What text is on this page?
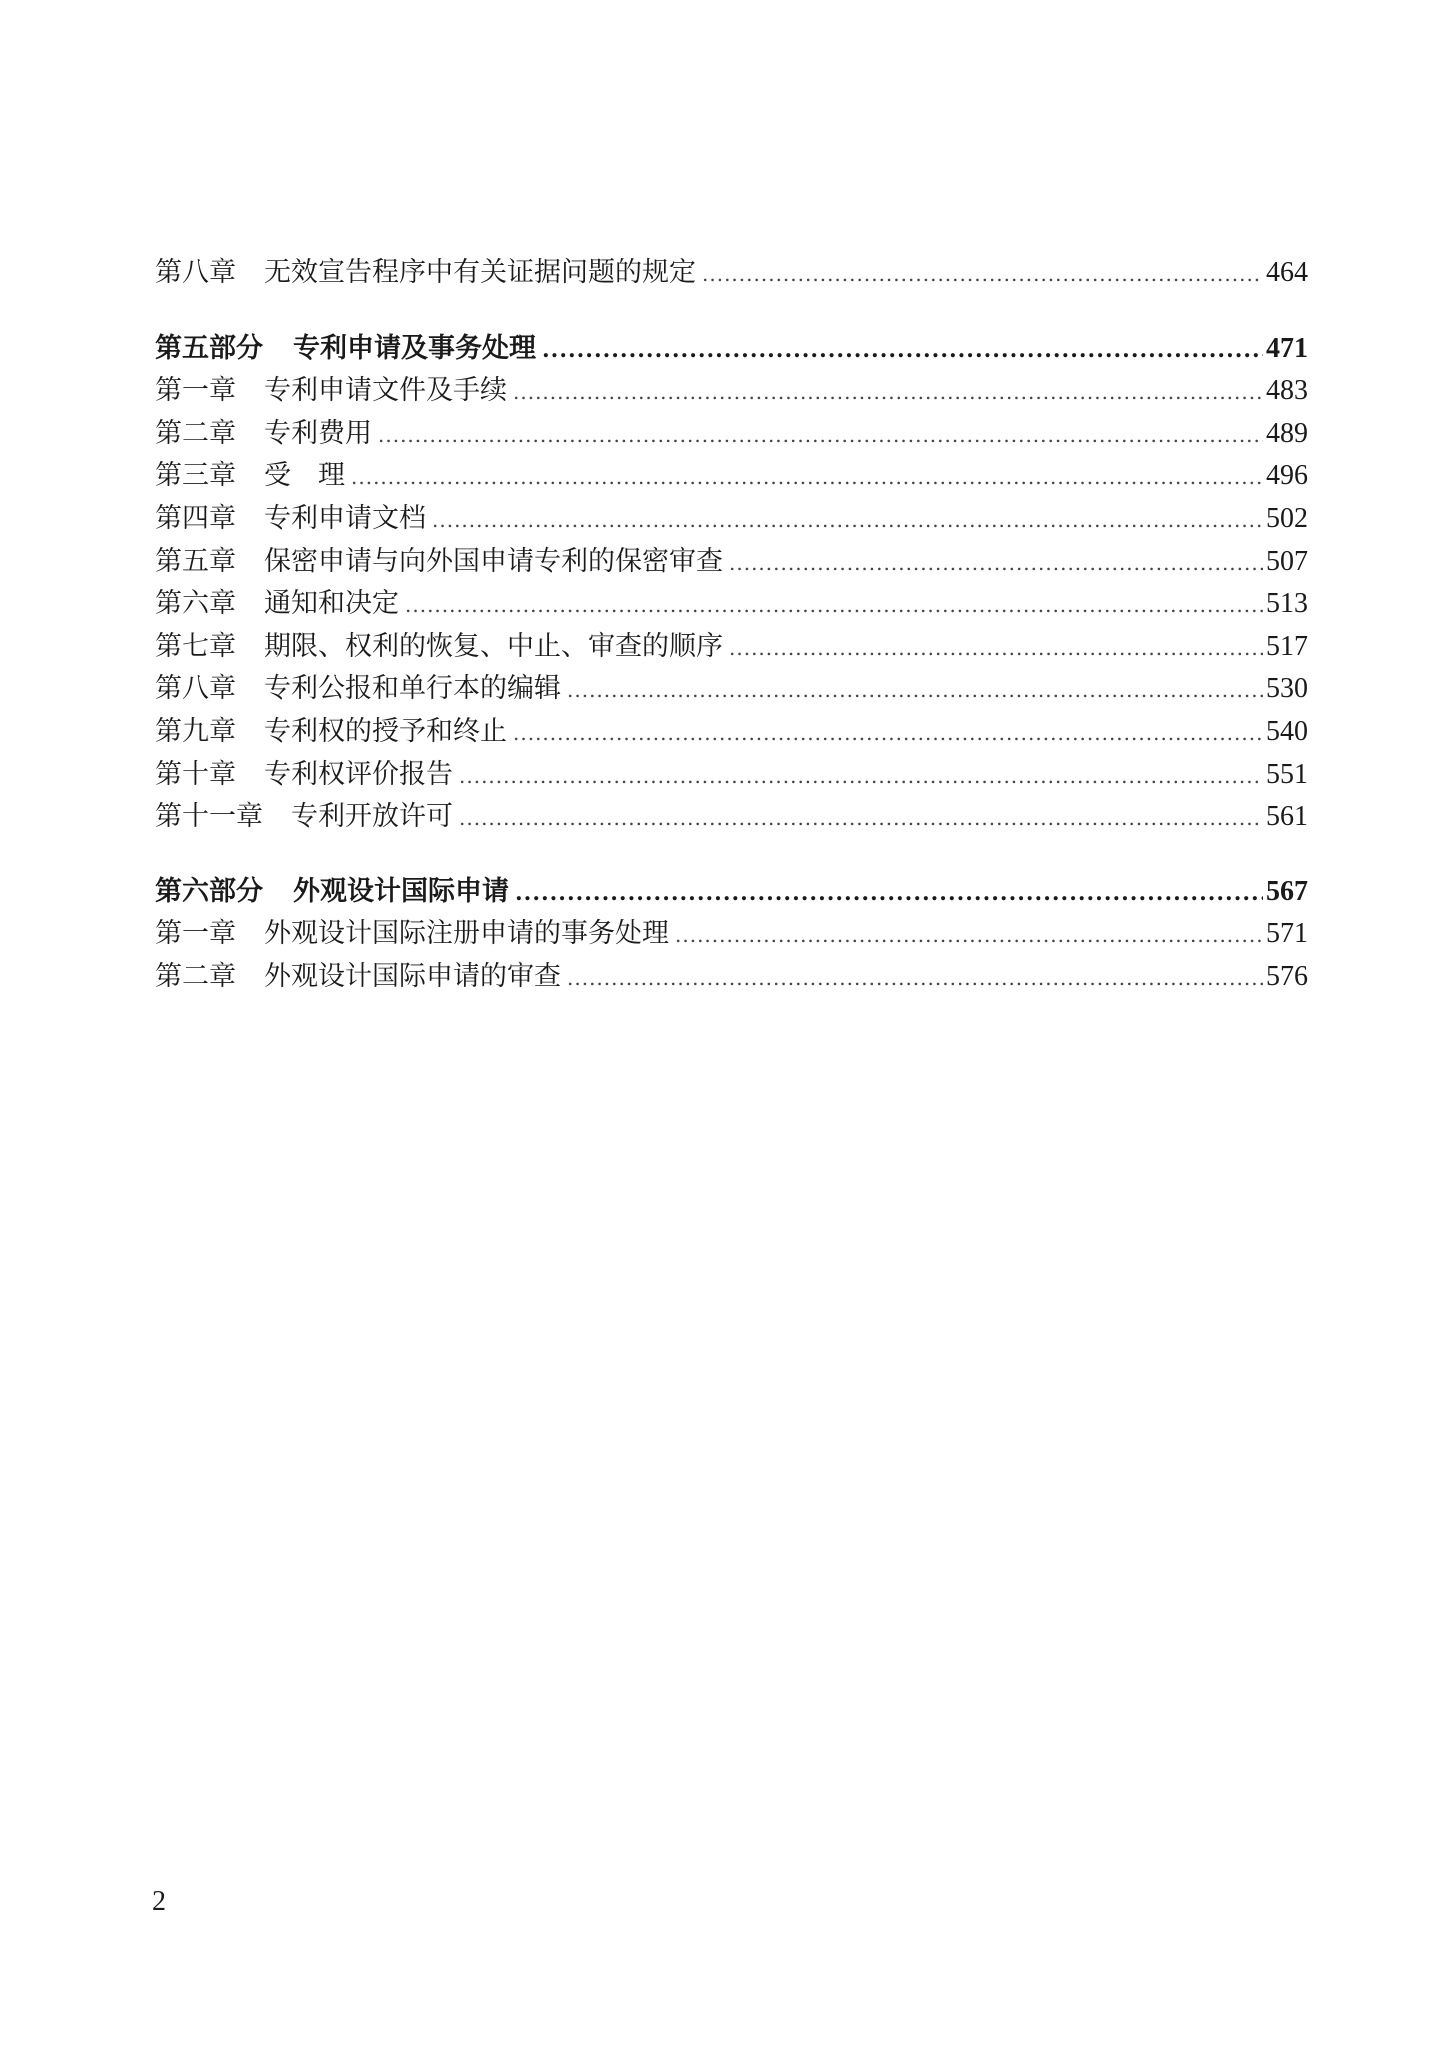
第八章 无效宣告程序中有关证据问题的规定 .....	464
第五部分 专利申请及事务处理 .....	471
第一章 专利申请文件及手续 .....	483
第二章 专利费用 .....	489
第三章 受　理 .....	496
第四章 专利申请文档 .....	502
第五章 保密申请与向外国申请专利的保密审查 .....	507
第六章 通知和决定 .....	513
第七章 期限、权利的恢复、中止、审查的顺序 .....	517
第八章 专利公报和单行本的编辑 .....	530
第九章 专利权的授予和终止 .....	540
第十章 专利权评价报告 .....	551
第十一章 专利开放许可 .....	561
第六部分 外观设计国际申请 .....	567
第一章 外观设计国际注册申请的事务处理 .....	571
第二章 外观设计国际申请的审查 .....	576
2
